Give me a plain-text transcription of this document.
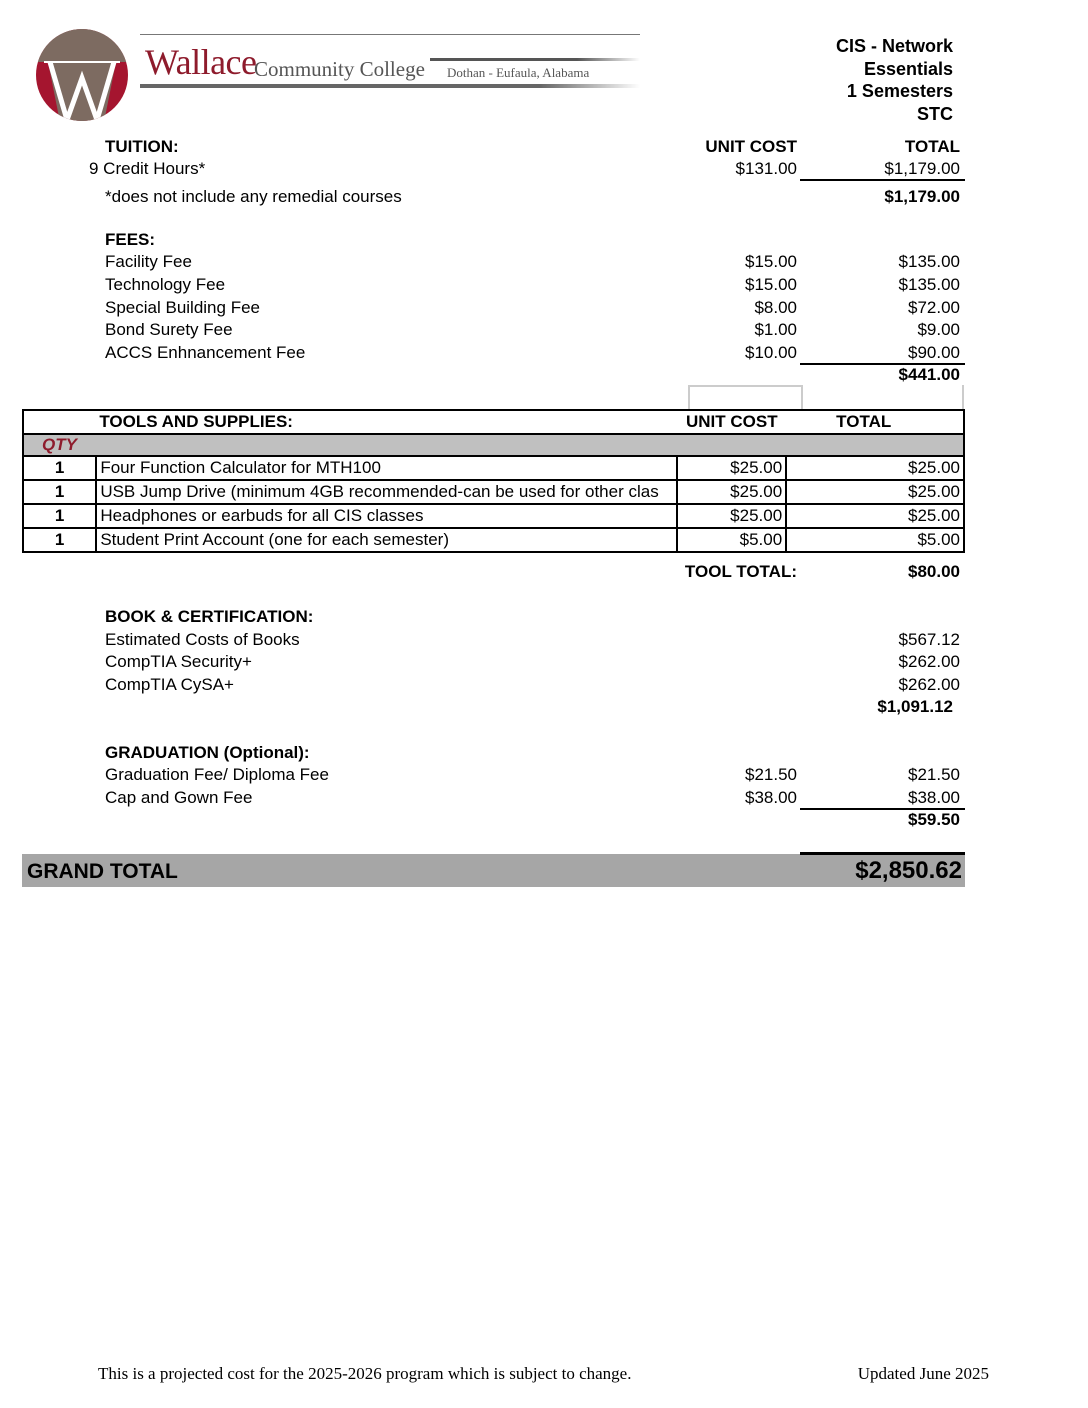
Wallace
Community College Dothan - Eufaula, Alabama
CIS - Network
Essentials
1 Semesters
STC
TUITION:	UNIT COST	TOTAL
9 Credit Hours*	$131.00	$1,179.00
*does not include any remedial courses	$1,179.00
FEES:
Facility Fee	$15.00	$135.00
Technology Fee	$15.00	$135.00
Special Building Fee	$8.00	$72.00
Bond Surety Fee	$1.00	$9.00
ACCS Enhnancement Fee	$10.00	$90.00
$441.00
	TOOLS AND SUPPLIES:	UNIT COST	TOTAL
QTY			
1	Four Function Calculator for MTH100	$25.00	$25.00
1	USB Jump Drive (minimum 4GB recommended-can be used for other clas	$25.00	$25.00
1	Headphones or earbuds for all CIS classes	$25.00	$25.00
1	Student Print Account (one for each semester)	$5.00	$5.00
TOOL TOTAL:	$80.00
BOOK & CERTIFICATION:
Estimated Costs of Books	$567.12
CompTIA Security+	$262.00
CompTIA CySA+	$262.00
$1,091.12
GRADUATION (Optional):
Graduation Fee/ Diploma Fee	$21.50	$21.50
Cap and Gown Fee	$38.00	$38.00
$59.50
GRAND TOTAL	$2,850.62
This is a projected cost for the 2025-2026 program which is subject to change.	Updated June 2025
